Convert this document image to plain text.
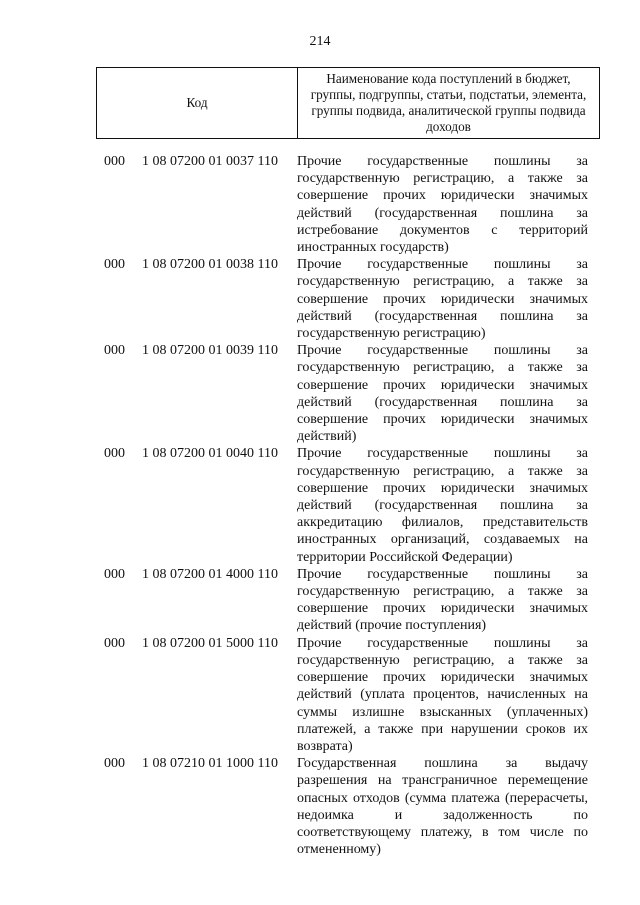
214
Код	Наименование кода поступлений в бюджет, группы, подгруппы, статьи, подстатьи, элемента, группы подвида, аналитической группы подвида доходов
000 1 08 07200 01 0037 110 Прочие государственные пошлины за государственную регистрацию, а также за совершение прочих юридически значимых действий (государственная пошлина за истребование документов с территорий иностранных государств)
000 1 08 07200 01 0038 110 Прочие государственные пошлины за государственную регистрацию, а также за совершение прочих юридически значимых действий (государственная пошлина за государственную регистрацию)
000 1 08 07200 01 0039 110 Прочие государственные пошлины за государственную регистрацию, а также за совершение прочих юридически значимых действий (государственная пошлина за совершение прочих юридически значимых действий)
000 1 08 07200 01 0040 110 Прочие государственные пошлины за государственную регистрацию, а также за совершение прочих юридически значимых действий (государственная пошлина за аккредитацию филиалов, представительств иностранных организаций, создаваемых на территории Российской Федерации)
000 1 08 07200 01 4000 110 Прочие государственные пошлины за государственную регистрацию, а также за совершение прочих юридически значимых действий (прочие поступления)
000 1 08 07200 01 5000 110 Прочие государственные пошлины за государственную регистрацию, а также за совершение прочих юридически значимых действий (уплата процентов, начисленных на суммы излишне взысканных (уплаченных) платежей, а также при нарушении сроков их возврата)
000 1 08 07210 01 1000 110 Государственная пошлина за выдачу разрешения на трансграничное перемещение опасных отходов (сумма платежа (перерасчеты, недоимка и задолженность по соответствующему платежу, в том числе по отмененному)
